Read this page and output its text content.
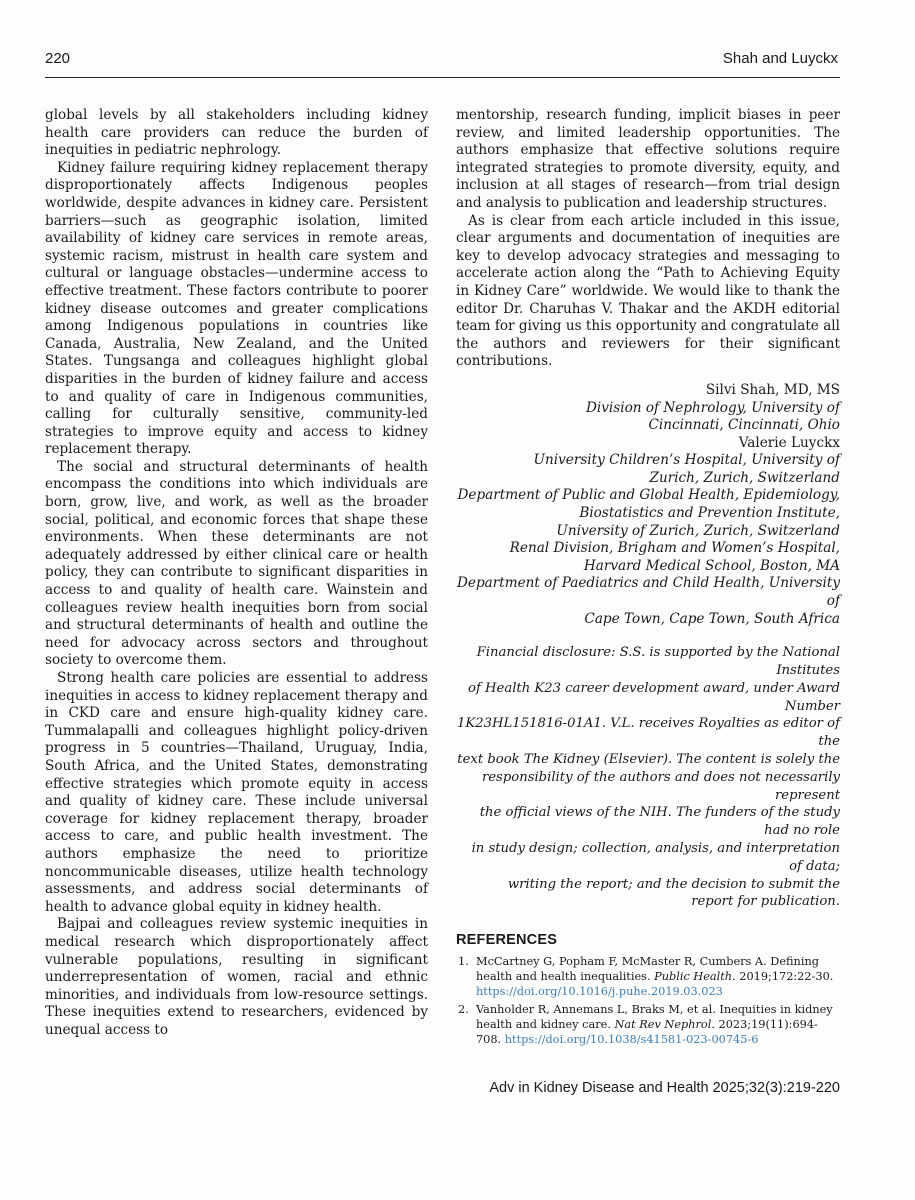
220	Shah and Luyckx

global levels by all stakeholders including kidney health care providers can reduce the burden of inequities in pediatric nephrology.

Kidney failure requiring kidney replacement therapy disproportionately affects Indigenous peoples worldwide, despite advances in kidney care. Persistent barriers—such as geographic isolation, limited availability of kidney care services in remote areas, systemic racism, mistrust in health care system and cultural or language obstacles—undermine access to effective treatment. These factors contribute to poorer kidney disease outcomes and greater complications among Indigenous populations in countries like Canada, Australia, New Zealand, and the United States. Tungsanga and colleagues highlight global disparities in the burden of kidney failure and access to and quality of care in Indigenous communities, calling for culturally sensitive, community-led strategies to improve equity and access to kidney replacement therapy.

The social and structural determinants of health encompass the conditions into which individuals are born, grow, live, and work, as well as the broader social, political, and economic forces that shape these environments. When these determinants are not adequately addressed by either clinical care or health policy, they can contribute to significant disparities in access to and quality of health care. Wainstein and colleagues review health inequities born from social and structural determinants of health and outline the need for advocacy across sectors and throughout society to overcome them.

Strong health care policies are essential to address inequities in access to kidney replacement therapy and in CKD care and ensure high-quality kidney care. Tummalapalli and colleagues highlight policy-driven progress in 5 countries—Thailand, Uruguay, India, South Africa, and the United States, demonstrating effective strategies which promote equity in access and quality of kidney care. These include universal coverage for kidney replacement therapy, broader access to care, and public health investment. The authors emphasize the need to prioritize noncommunicable diseases, utilize health technology assessments, and address social determinants of health to advance global equity in kidney health.

Bajpai and colleagues review systemic inequities in medical research which disproportionately affect vulnerable populations, resulting in significant underrepresentation of women, racial and ethnic minorities, and individuals from low-resource settings. These inequities extend to researchers, evidenced by unequal access to

mentorship, research funding, implicit biases in peer review, and limited leadership opportunities. The authors emphasize that effective solutions require integrated strategies to promote diversity, equity, and inclusion at all stages of research—from trial design and analysis to publication and leadership structures.

As is clear from each article included in this issue, clear arguments and documentation of inequities are key to develop advocacy strategies and messaging to accelerate action along the “Path to Achieving Equity in Kidney Care” worldwide. We would like to thank the editor Dr. Charuhas V. Thakar and the AKDH editorial team for giving us this opportunity and congratulate all the authors and reviewers for their significant contributions.

Silvi Shah, MD, MS
Division of Nephrology, University of
Cincinnati, Cincinnati, Ohio
Valerie Luyckx
University Children’s Hospital, University of
Zurich, Zurich, Switzerland
Department of Public and Global Health, Epidemiology,
Biostatistics and Prevention Institute,
University of Zurich, Zurich, Switzerland
Renal Division, Brigham and Women’s Hospital,
Harvard Medical School, Boston, MA
Department of Paediatrics and Child Health, University of
Cape Town, Cape Town, South Africa
Financial disclosure: S.S. is supported by the National Institutes
of Health K23 career development award, under Award Number
1K23HL151816-01A1. V.L. receives Royalties as editor of the
text book The Kidney (Elsevier). The content is solely the
responsibility of the authors and does not necessarily represent
the official views of the NIH. The funders of the study had no role
in study design; collection, analysis, and interpretation of data;
writing the report; and the decision to submit the
report for publication.
REFERENCES
1. McCartney G, Popham F, McMaster R, Cumbers A. Defining health and health inequalities. Public Health. 2019;172:22-30. https://doi.org/10.1016/j.puhe.2019.03.023
2. Vanholder R, Annemans L, Braks M, et al. Inequities in kidney health and kidney care. Nat Rev Nephrol. 2023;19(11):694-708. https://doi.org/10.1038/s41581-023-00745-6
Adv in Kidney Disease and Health 2025;32(3):219-220
